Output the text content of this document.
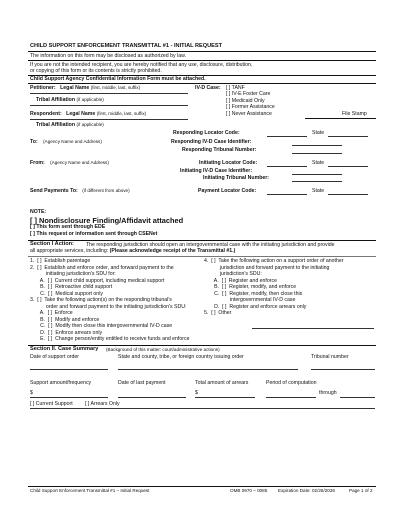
CHILD SUPPORT ENFORCEMENT TRANSMITTAL #1 - INITIAL REQUEST
The information on this form may be disclosed as authorized by law.
If you are not the intended recipient, you are hereby notified that any use, disclosure, distribution,
or copying of this form or its contents is strictly prohibited.
Child Support Agency Confidential Information Form must be attached.
Petitioner: Legal Name (first, middle, last, suffix)	IV-D Case: [ ] TANF
[ ] IV-E Foster Care
[ ] Medicaid Only
[ ] Former Assistance
[ ] Never Assistance	File Stamp
Tribal Affiliation (if applicable)
Respondent: Legal Name (first, middle, last, suffix)
Tribal Affiliation (if applicable)
Responding Locator Code:	State
To: (Agency Name and Address)	Responding IV-D Case Identifier:
Responding Tribunal Number:
From: (Agency Name and Address)	Initiating Locator Code:	State
Initiating IV-D Case Identifier:
Initiating Tribunal Number:
Send Payments To: (if different from above)	Payment Locator Code:	State
NOTE:
[ ] Nondisclosure Finding/Affidavit attached
[ ] This form sent through EDE
[ ] This request or information sent through CSENet
Section I Action: The responding jurisdiction should open an intergovernmental case with the initiating jurisdiction and provide
all appropriate services, including: (Please acknowledge receipt of the Transmittal #1.)
1.  [ ]  Establish parentage
2.  [ ]  Establish and enforce order, and forward payment to the
initiating jurisdiction's SDU for:
A.  [ ]  Current child support, including medical support
B.  [ ]  Retroactive child support
C.  [ ]  Medical support only
3.  [ ]  Take the following action(s) on the responding tribunal's
order and forward payment to the initiating jurisdiction's SDU:
A.  [ ]  Enforce
B.  [ ]  Modify and enforce
C.  [ ]  Modify then close this intergovernmental IV-D case
D.  [ ]  Enforce arrears only
E.  [ ]  Change person/entity entitled to receive funds and enforce
4.  [ ]  Take the following action on a support order of another
jurisdiction and forward payment to the initiating
jurisdiction's SDU:
A.  [ ]  Register and enforce
B.  [ ]  Register, modify, and enforce
C.  [ ]  Register, modify, then close this
intergovernmental IV-D case
D.  [ ]  Register and enforce arrears only
5.  [ ]  Other
Section II. Case Summary (Background of this matter: court/administrative actions)
Date of support order	State and county, tribe, or foreign country issuing order	Tribunal number
Support amount/frequency	Date of last payment	Total amount of arrears	Period of computation
$	$	through
[ ] Current Support [ ] Arrears Only
Child Support Enforcement Transmittal #1 – Initial Request	OMB 0970 – 0085 Expiration Date: 02/28/2026	Page 1 of 2
